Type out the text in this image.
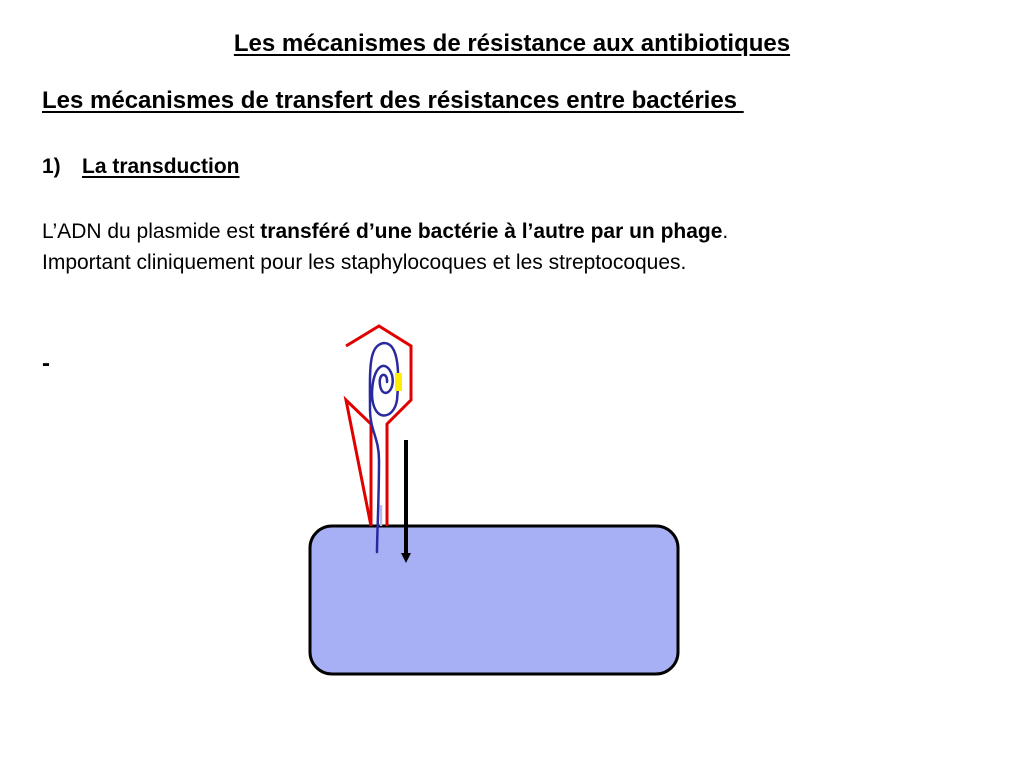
Les mécanismes de résistance aux antibiotiques
Les mécanismes de transfert des résistances entre bactéries
1) La transduction
L’ADN du plasmide est transféré d’une bactérie à l’autre par un phage.
Important cliniquement pour les staphylocoques et les streptocoques.
-
